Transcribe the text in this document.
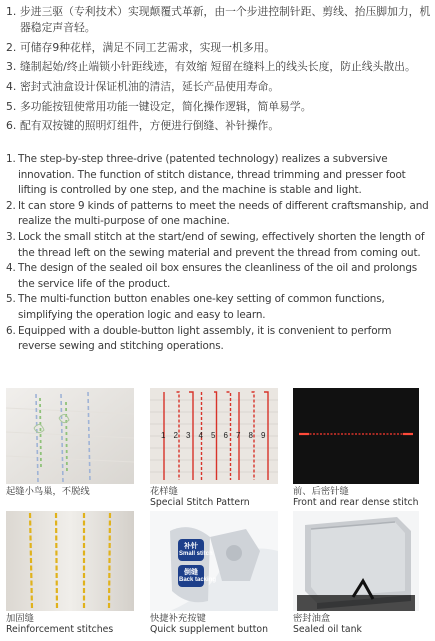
1. 步进三驱（专利技术）实现颠覆式革新，由一个步进控制针距、剪线、抬压脚加力，机器稳定声音轻。
2. 可储存9种花样，满足不同工艺需求，实现一机多用。
3. 缝制起始/终止端锁小针距线迹，有效缩 短留在缝料上的线头长度，防止线头散出。
4. 密封式油盒设计保证机油的清洁，延长产品使用寿命。
5. 多功能按钮使常用功能一键设定，简化操作逻辑，简单易学。
6. 配有双按键的照明灯组件，方便进行倒缝、补针操作。
1. The step-by-step three-drive (patented technology) realizes a subversive innovation. The function of stitch distance, thread trimming and presser foot lifting is controlled by one step, and the machine is stable and light.
2. It can store 9 kinds of patterns to meet the needs of different craftsmanship, and realize the multi-purpose of one machine.
3. Lock the small stitch at the start/end of sewing, effectively shorten the length of the thread left on the sewing material and prevent the thread from coming out.
4. The design of the sealed oil box ensures the cleanliness of the oil and prolongs the service life of the product.
5. The multi-function button enables one-key setting of common functions, simplifying the operation logic and easy to learn.
6. Equipped with a double-button light assembly, it is convenient to perform reverse sewing and stitching operations.
起缝小鸟巢，不脱线
1 2 3 4 5 6 7 8 9
花样缝
Special Stitch Pattern
前、后密针缝
Front and rear dense stitch
加固缝
Reinforcement stitches
补针
Small stitch
倒缝
Back tacking
快捷补充按键
Quick supplement button
密封油盒
Sealed oil tank
